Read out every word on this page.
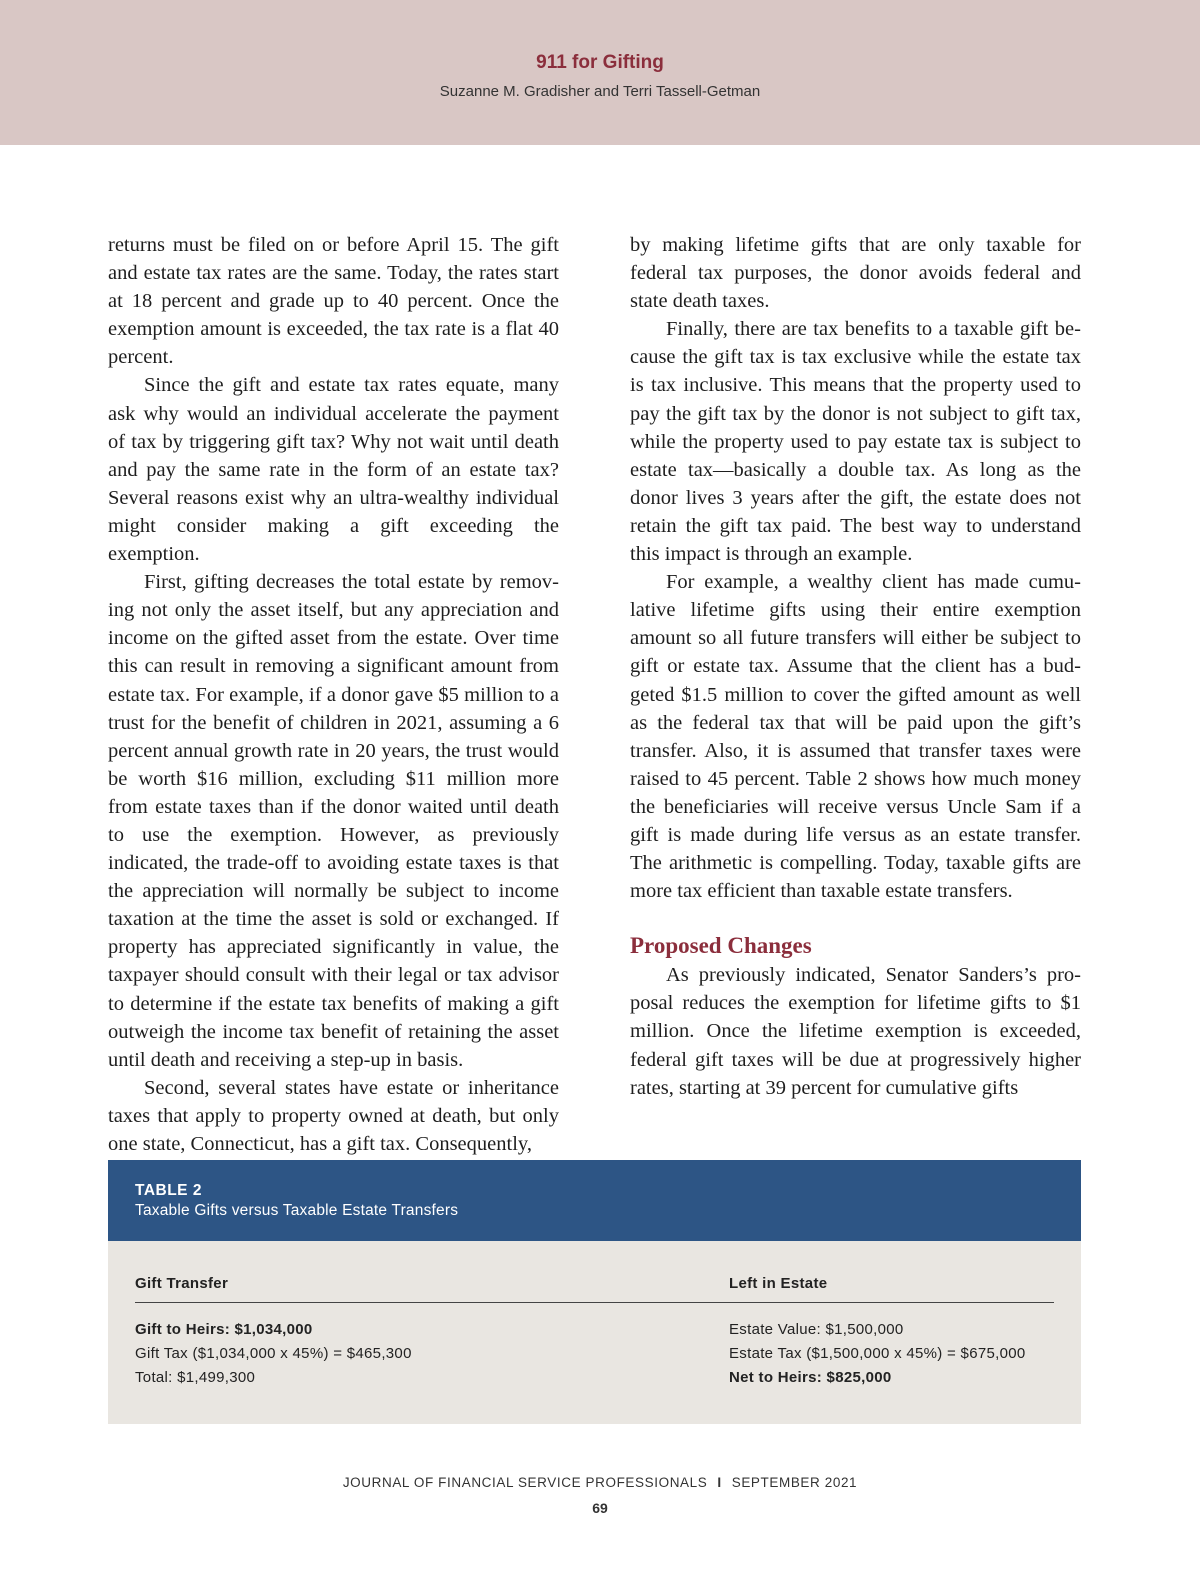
911 for Gifting
Suzanne M. Gradisher and Terri Tassell-Getman

returns must be filed on or before April 15. The gift and estate tax rates are the same. Today, the rates start at 18 percent and grade up to 40 percent. Once the exemption amount is exceeded, the tax rate is a flat 40 percent.

Since the gift and estate tax rates equate, many ask why would an individual accelerate the payment of tax by triggering gift tax? Why not wait until death and pay the same rate in the form of an estate tax? Several reasons exist why an ultra-wealthy individual might consider making a gift exceeding the exemption.

First, gifting decreases the total estate by removing not only the asset itself, but any appreciation and income on the gifted asset from the estate. Over time this can result in removing a significant amount from estate tax. For example, if a donor gave $5 million to a trust for the benefit of children in 2021, assuming a 6 percent annual growth rate in 20 years, the trust would be worth $16 million, excluding $11 million more from estate taxes than if the donor waited until death to use the exemption. However, as previously indicated, the trade-off to avoiding estate taxes is that the appreciation will normally be subject to income taxation at the time the asset is sold or exchanged. If property has appreciated significantly in value, the taxpayer should consult with their legal or tax advisor to determine if the estate tax benefits of making a gift outweigh the income tax benefit of retaining the asset until death and receiving a step-up in basis.

Second, several states have estate or inheritance taxes that apply to property owned at death, but only one state, Connecticut, has a gift tax. Consequently,

by making lifetime gifts that are only taxable for federal tax purposes, the donor avoids federal and state death taxes.

Finally, there are tax benefits to a taxable gift because the gift tax is tax exclusive while the estate tax is tax inclusive. This means that the property used to pay the gift tax by the donor is not subject to gift tax, while the property used to pay estate tax is subject to estate tax—basically a double tax. As long as the donor lives 3 years after the gift, the estate does not retain the gift tax paid. The best way to understand this impact is through an example.

For example, a wealthy client has made cumulative lifetime gifts using their entire exemption amount so all future transfers will either be subject to gift or estate tax. Assume that the client has a budgeted $1.5 million to cover the gifted amount as well as the federal tax that will be paid upon the gift’s transfer. Also, it is assumed that transfer taxes were raised to 45 percent. Table 2 shows how much money the beneficiaries will receive versus Uncle Sam if a gift is made during life versus as an estate transfer. The arithmetic is compelling. Today, taxable gifts are more tax efficient than taxable estate transfers.

Proposed Changes

As previously indicated, Senator Sanders’s proposal reduces the exemption for lifetime gifts to $1 million. Once the lifetime exemption is exceeded, federal gift taxes will be due at progressively higher rates, starting at 39 percent for cumulative gifts

TABLE 2
Taxable Gifts versus Taxable Estate Transfers
Gift Transfer	Left in Estate
Gift to Heirs: $1,034,000
Gift Tax ($1,034,000 x 45%) = $465,300
Total: $1,499,300
Estate Value: $1,500,000
Estate Tax ($1,500,000 x 45%) = $675,000
Net to Heirs: $825,000
JOURNAL OF FINANCIAL SERVICE PROFESSIONALS I SEPTEMBER 2021
69
